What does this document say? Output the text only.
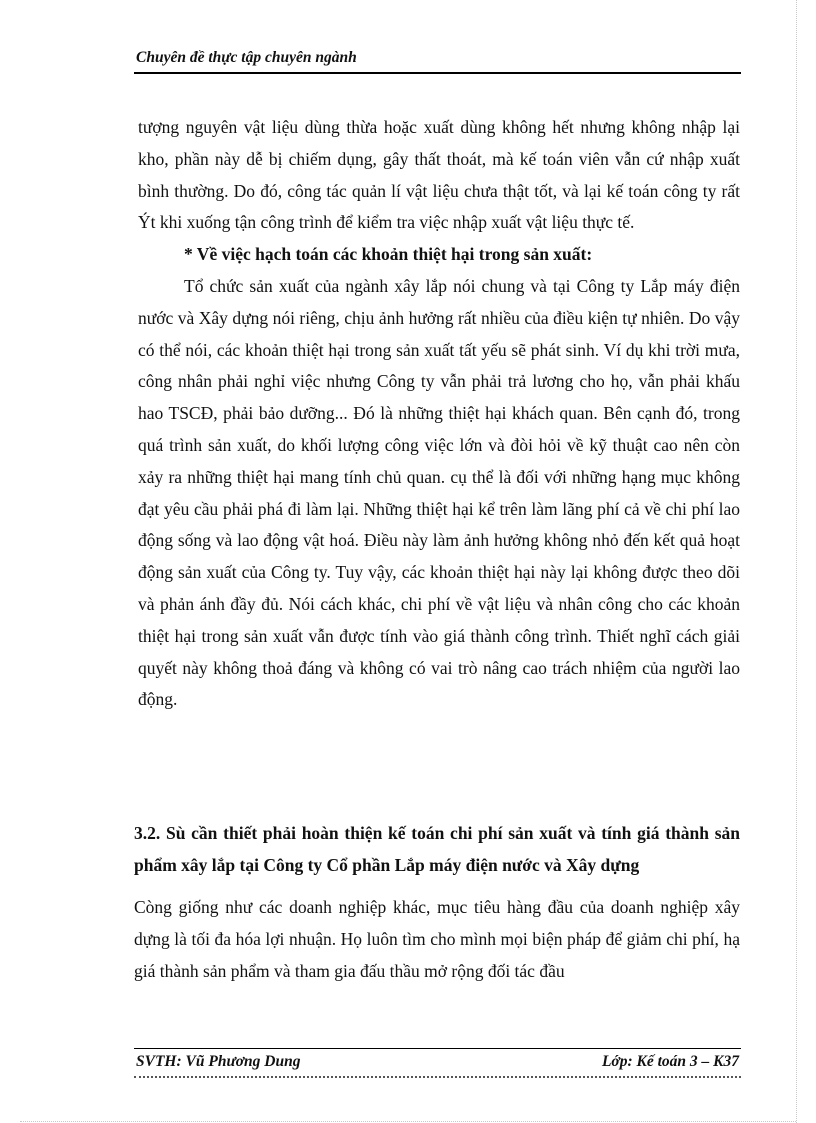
Chuyên đề thực tập chuyên ngành

tượng nguyên vật liệu dùng thừa hoặc xuất dùng không hết nhưng không nhập lại kho, phần này dễ bị chiếm dụng, gây thất thoát, mà kế toán viên vẫn cứ nhập xuất bình thường. Do đó, công tác quản lí vật liệu chưa thật tốt, và lại kế toán công ty rất Ýt khi xuống tận công trình để kiểm tra việc nhập xuất vật liệu thực tế.

* Về việc hạch toán các khoản thiệt hại trong sản xuất:

Tổ chức sản xuất của ngành xây lắp nói chung và tại Công ty Lắp máy điện nước và Xây dựng nói riêng, chịu ảnh hưởng rất nhiều của điều kiện tự nhiên. Do vậy có thể nói, các khoản thiệt hại trong sản xuất tất yếu sẽ phát sinh. Ví dụ khi trời mưa, công nhân phải nghỉ việc nhưng Công ty vẫn phải trả lương cho họ, vẫn phải khấu hao TSCĐ, phải bảo dưỡng... Đó là những thiệt hại khách quan. Bên cạnh đó, trong quá trình sản xuất, do khối lượng công việc lớn và đòi hỏi về kỹ thuật cao nên còn xảy ra những thiệt hại mang tính chủ quan. cụ thể là đối với những hạng mục không đạt yêu cầu phải phá đi làm lại. Những thiệt hại kể trên làm lãng phí cả về chi phí lao động sống và lao động vật hoá. Điều này làm ảnh hưởng không nhỏ đến kết quả hoạt động sản xuất của Công ty. Tuy vậy, các khoản thiệt hại này lại không được theo dõi và phản ánh đầy đủ. Nói cách khác, chi phí về vật liệu và nhân công cho các khoản thiệt hại trong sản xuất vẫn được tính vào giá thành công trình. Thiết nghĩ cách giải quyết này không thoả đáng và không có vai trò nâng cao trách nhiệm của người lao động.

3.2. Sù cần thiết phải hoàn thiện kế toán chi phí sản xuất và tính giá thành sản phẩm xây lắp tại Công ty Cổ phần Lắp máy điện nước và Xây dựng

Còng giống như các doanh nghiệp khác, mục tiêu hàng đầu của doanh nghiệp xây dựng là tối đa hóa lợi nhuận. Họ luôn tìm cho mình mọi biện pháp để giảm chi phí, hạ giá thành sản phẩm và tham gia đấu thầu mở rộng đối tác đầu

SVTH: Vũ Phương Dung	Lớp: Kế toán 3 – K37
